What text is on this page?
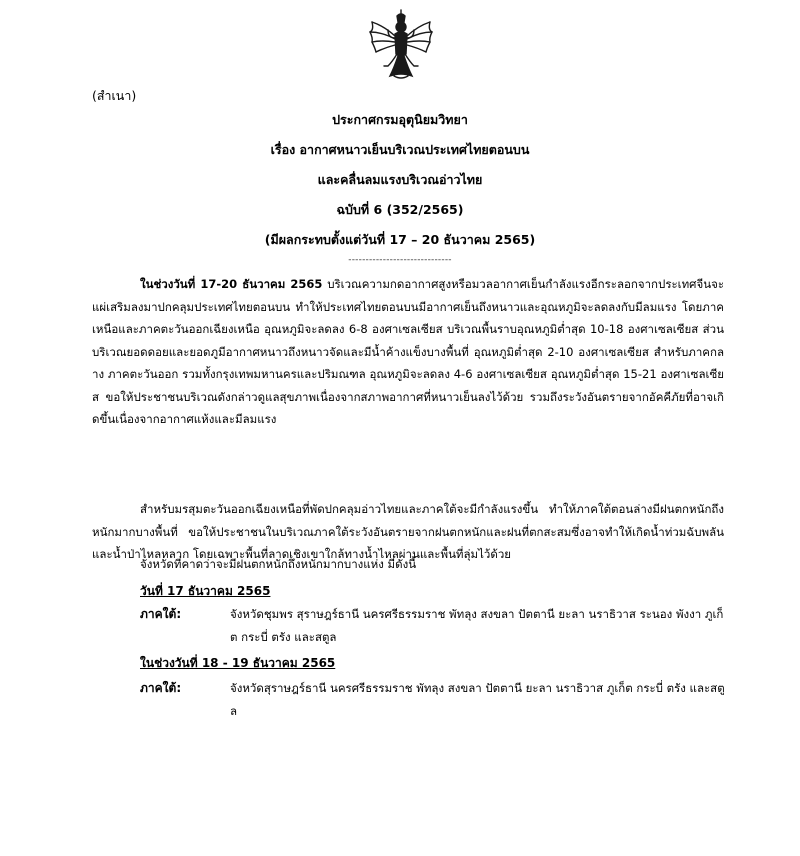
(สำเนา)
ประกาศกรมอุตุนิยมวิทยา
เรื่อง อากาศหนาวเย็นบริเวณประเทศไทยตอนบน
และคลื่นลมแรงบริเวณอ่าวไทย
ฉบับที่ 6 (352/2565)
(มีผลกระทบตั้งแต่วันที่ 17 – 20 ธันวาคม 2565)
------------------------------
ในช่วงวันที่ 17-20 ธันวาคม 2565 บริเวณความกดอากาศสูงหรือมวลอากาศเย็นกำลังแรงอีกระลอกจากประเทศจีนจะแผ่เสริมลงมาปกคลุมประเทศไทยตอนบน ทำให้ประเทศไทยตอนบนมีอากาศเย็นถึงหนาวและอุณหภูมิจะลดลงกับมีลมแรง โดยภาคเหนือและภาคตะวันออกเฉียงเหนือ อุณหภูมิจะลดลง 6-8 องศาเซลเซียส บริเวณพื้นราบอุณหภูมิต่ำสุด 10-18 องศาเซลเซียส ส่วนบริเวณยอดดอยและยอดภูมีอากาศหนาวถึงหนาวจัดและมีน้ำค้างแข็งบางพื้นที่ อุณหภูมิต่ำสุด 2-10 องศาเซลเซียส สำหรับภาคกลาง ภาคตะวันออก รวมทั้งกรุงเทพมหานครและปริมณฑล อุณหภูมิจะลดลง 4-6 องศาเซลเซียส อุณหภูมิต่ำสุด 15-21 องศาเซลเซียส ขอให้ประชาชนบริเวณดังกล่าวดูแลสุขภาพเนื่องจากสภาพอากาศที่หนาวเย็นลงไว้ด้วย รวมถึงระวังอันตรายจากอัคคีภัยที่อาจเกิดขึ้นเนื่องจากอากาศแห้งและมีลมแรง
สำหรับมรสุมตะวันออกเฉียงเหนือที่พัดปกคลุมอ่าวไทยและภาคใต้จะมีกำลังแรงขึ้น ทำให้ภาคใต้ตอนล่างมีฝนตกหนักถึงหนักมากบางพื้นที่ ขอให้ประชาชนในบริเวณภาคใต้ระวังอันตรายจากฝนตกหนักและฝนที่ตกสะสมซึ่งอาจทำให้เกิดน้ำท่วมฉับพลันและน้ำป่าไหลหลาก โดยเฉพาะพื้นที่ลาดเชิงเขาใกล้ทางน้ำไหลผ่านและพื้นที่ลุ่มไว้ด้วย
จังหวัดที่คาดว่าจะมีฝนตกหนักถึงหนักมากบางแห่ง มีดังนี้
วันที่ 17 ธันวาคม 2565
ภาคใต้:	จังหวัดชุมพร สุราษฎร์ธานี นครศรีธรรมราช พัทลุง สงขลา ปัตตานี ยะลา นราธิวาส ระนอง พังงา ภูเก็ต กระบี่ ตรัง และสตูล
ในช่วงวันที่ 18 - 19 ธันวาคม 2565
ภาคใต้:	จังหวัดสุราษฎร์ธานี นครศรีธรรมราช พัทลุง สงขลา ปัตตานี ยะลา นราธิวาส ภูเก็ต กระบี่ ตรัง และสตูล
